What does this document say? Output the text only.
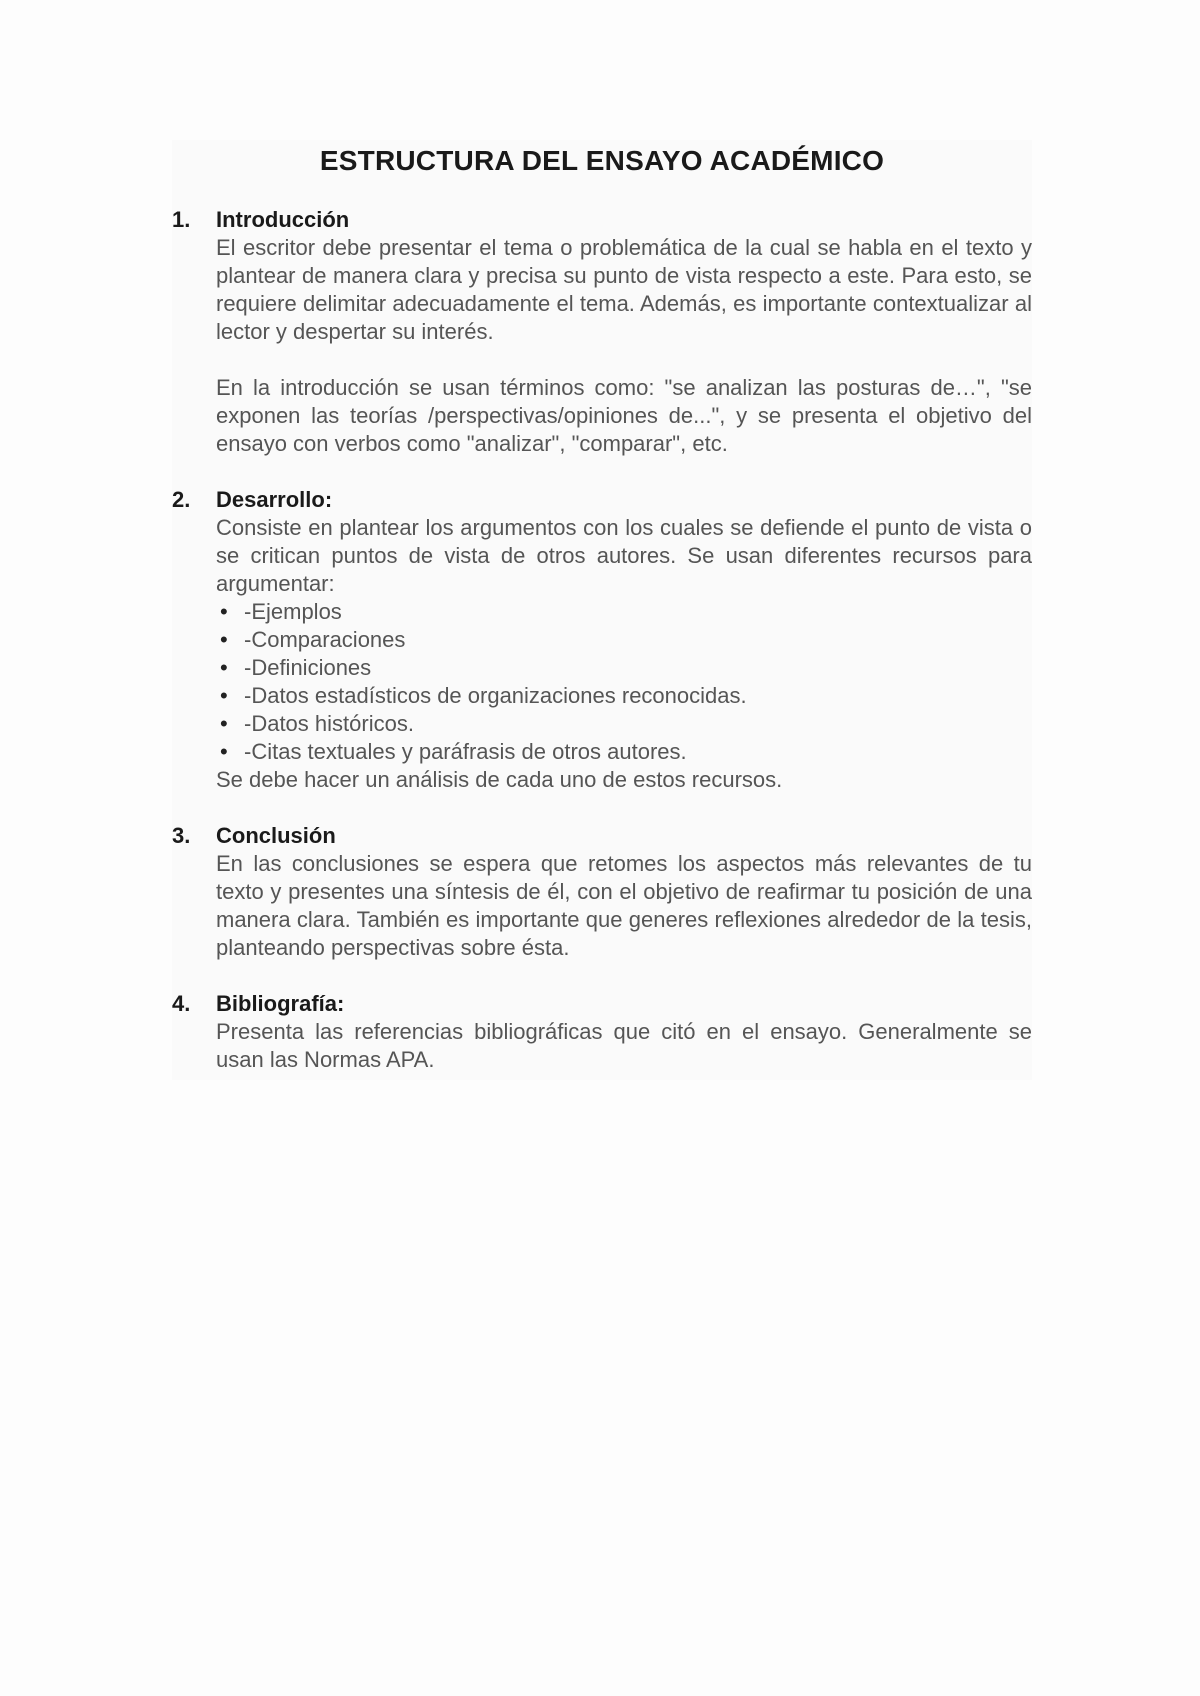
ESTRUCTURA DEL ENSAYO ACADÉMICO
1.	Introducción

El escritor debe presentar el tema o problemática de la cual se habla en el texto y plantear de manera clara y precisa su punto de vista respecto a este. Para esto, se requiere delimitar adecuadamente el tema. Además, es importante contextualizar al lector y despertar su interés.

En la introducción se usan términos como: "se analizan las posturas de…", "se exponen las teorías /perspectivas/opiniones de...", y se presenta el objetivo del ensayo con verbos como "analizar", "comparar", etc.

2.	Desarrollo:

Consiste en plantear los argumentos con los cuales se defiende el punto de vista o se critican puntos de vista de otros autores. Se usan diferentes recursos para argumentar:

• -Ejemplos
• -Comparaciones
• -Definiciones
• -Datos estadísticos de organizaciones reconocidas.
• -Datos históricos.
• -Citas textuales y paráfrasis de otros autores.

Se debe hacer un análisis de cada uno de estos recursos.

3.	Conclusión

En las conclusiones se espera que retomes los aspectos más relevantes de tu texto y presentes una síntesis de él, con el objetivo de reafirmar tu posición de una manera clara. También es importante que generes reflexiones alrededor de la tesis, planteando perspectivas sobre ésta.

4.	Bibliografía:

Presenta las referencias bibliográficas que citó en el ensayo. Generalmente se usan las Normas APA.
